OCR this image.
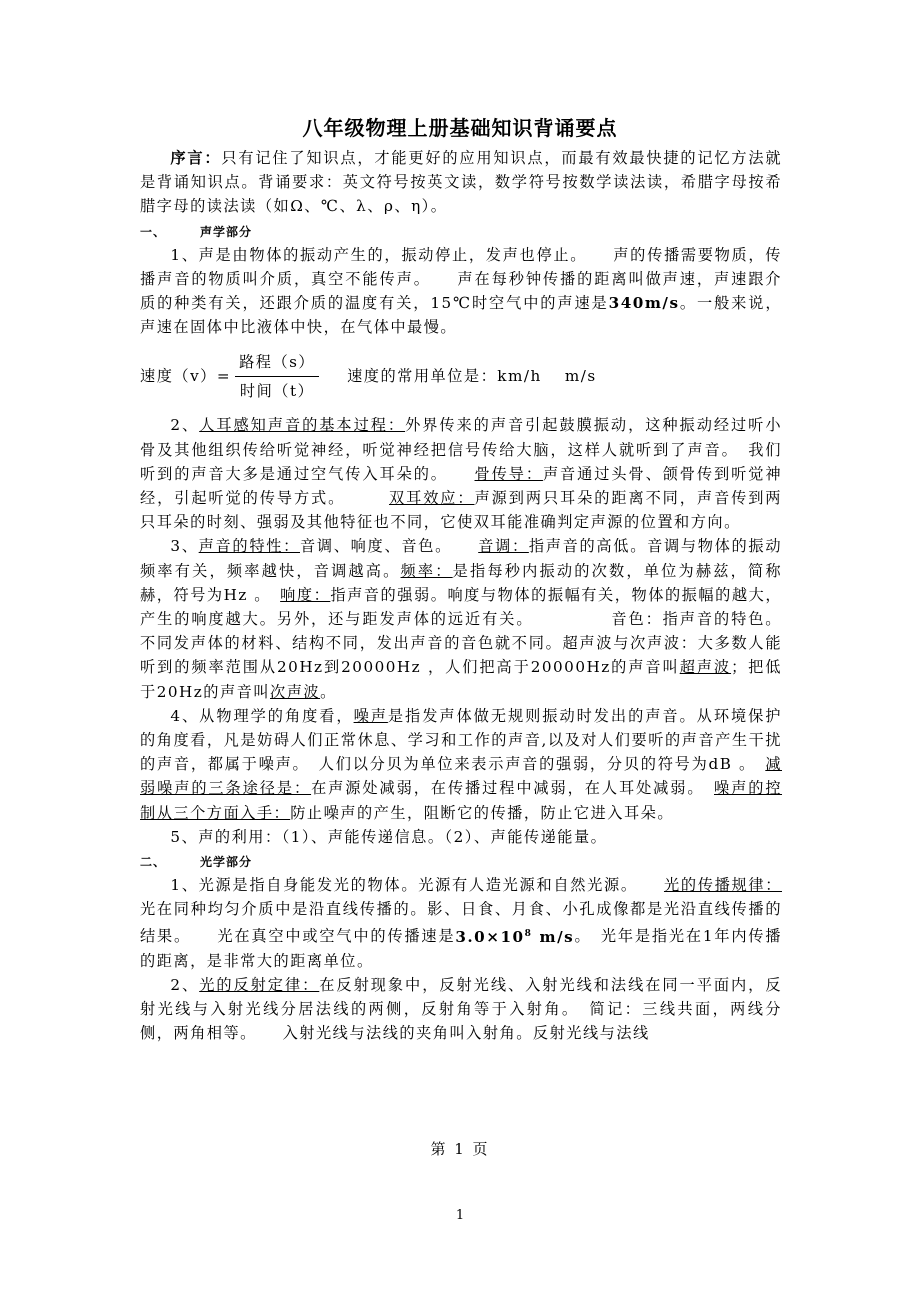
八年级物理上册基础知识背诵要点

序言：只有记住了知识点，才能更好的应用知识点，而最有效最快捷的记忆方法就是背诵知识点。背诵要求：英文符号按英文读，数学符号按数学读法读，希腊字母按希腊字母的读法读（如Ω、℃、λ、ρ、η）。

一、	声学部分

1、声是由物体的振动产生的，振动停止，发声也停止。　　声的传播需要物质，传播声音的物质叫介质，真空不能传声。　　声在每秒钟传播的距离叫做声速，声速跟介质的种类有关，还跟介质的温度有关，15℃时空气中的声速是340m/s。一般来说，声速在固体中比液体中快，在气体中最慢。

速度$(v)= \frac{\text{路程（s）}}{\text{时间（t）}}$ 速度的常用单位是：km/h　 m/s

2、人耳感知声音的基本过程：外界传来的声音引起鼓膜振动，这种振动经过听小骨及其他组织传给听觉神经，听觉神经把信号传给大脑，这样人就听到了声音。　我们听到的声音大多是通过空气传入耳朵的。　　骨传导：声音通过头骨、颌骨传到听觉神经，引起听觉的传导方式。　　　双耳效应：声源到两只耳朵的距离不同，声音传到两只耳朵的时刻、强弱及其他特征也不同，它使双耳能准确判定声源的位置和方向。

3、声音的特性：音调、响度、音色。　　音调：指声音的高低。音调与物体的振动频率有关，频率越快，音调越高。频率：是指每秒内振动的次数，单位为赫兹，简称赫，符号为Hz 。　响度：指声音的强弱。响度与物体的振幅有关，物体的振幅的越大，产生的响度越大。另外，还与距发声体的远近有关。　　　　　音色：指声音的特色。不同发声体的材料、结构不同，发出声音的音色就不同。超声波与次声波：大多数人能听到的频率范围从20Hz到20000Hz ，人们把高于20000Hz的声音叫超声波；把低于20Hz的声音叫次声波。

4、从物理学的角度看，噪声是指发声体做无规则振动时发出的声音。从环境保护的角度看，凡是妨碍人们正常休息、学习和工作的声音,以及对人们要听的声音产生干扰的声音，都属于噪声。　人们以分贝为单位来表示声音的强弱，分贝的符号为dB 。　减弱噪声的三条途径是：在声源处减弱，在传播过程中减弱，在人耳处减弱。　噪声的控制从三个方面入手：防止噪声的产生，阻断它的传播，防止它进入耳朵。

5、声的利用：（1）、声能传递信息。（2）、声能传递能量。

二、	光学部分

1、光源是指自身能发光的物体。光源有人造光源和自然光源。　　光的传播规律：光在同种均匀介质中是沿直线传播的。影、日食、月食、小孔成像都是光沿直线传播的结果。　　光在真空中或空气中的传播速是$3.0\times 10^8$ m/s。　光年是指光在1年内传播的距离，是非常大的距离单位。

2、光的反射定律：在反射现象中，反射光线、入射光线和法线在同一平面内，反射光线与入射光线分居法线的两侧，反射角等于入射角。　简记：三线共面，两线分侧，两角相等。　　入射光线与法线的夹角叫入射角。反射光线与法线

第 1 页
1
